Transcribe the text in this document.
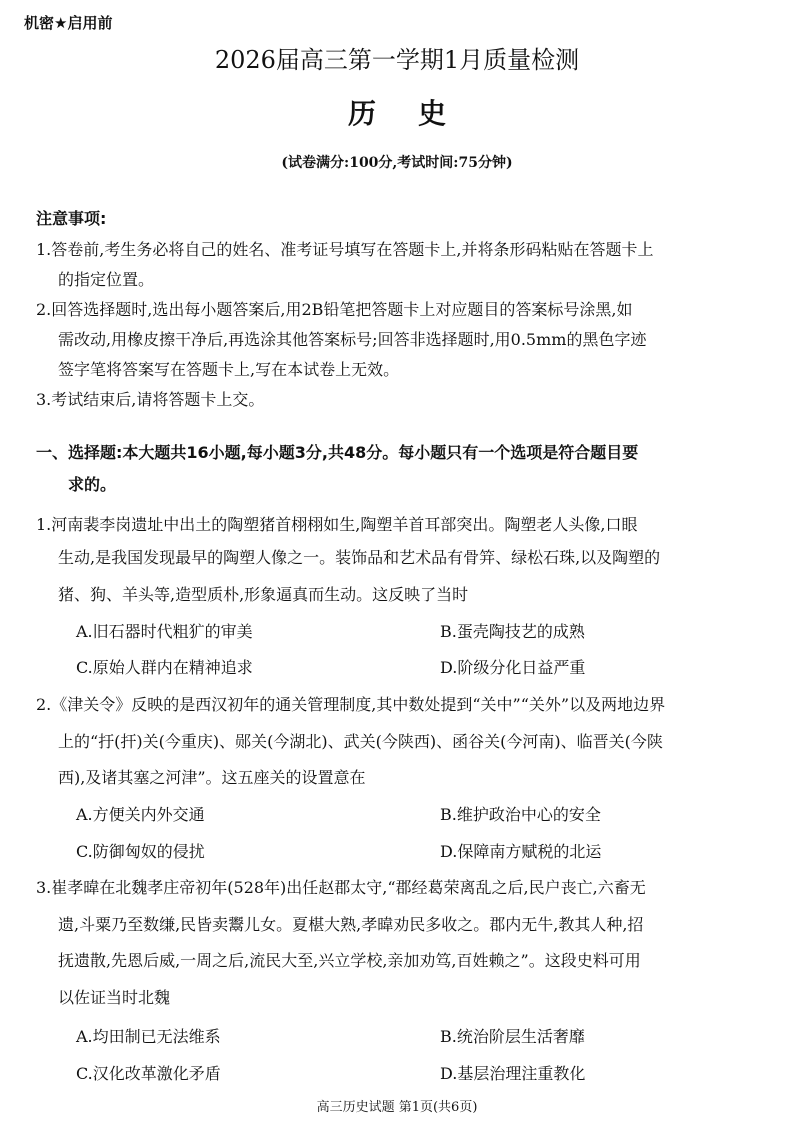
机密★启用前
2026届高三第一学期1月质量检测
历史
(试卷满分:100分,考试时间:75分钟)
注意事项:
1.答卷前,考生务必将自己的姓名、准考证号填写在答题卡上,并将条形码粘贴在答题卡上
的指定位置。
2.回答选择题时,选出每小题答案后,用2B铅笔把答题卡上对应题目的答案标号涂黑,如
需改动,用橡皮擦干净后,再选涂其他答案标号;回答非选择题时,用0.5mm的黑色字迹
签字笔将答案写在答题卡上,写在本试卷上无效。
3.考试结束后,请将答题卡上交。
一、选择题:本大题共16小题,每小题3分,共48分。每小题只有一个选项是符合题目要
求的。
1.河南裴李岗遗址中出土的陶塑猪首栩栩如生,陶塑羊首耳部突出。陶塑老人头像,口眼
生动,是我国发现最早的陶塑人像之一。装饰品和艺术品有骨笄、绿松石珠,以及陶塑的
猪、狗、羊头等,造型质朴,形象逼真而生动。这反映了当时
A.旧石器时代粗犷的审美	B.蛋壳陶技艺的成熟
C.原始人群内在精神追求	D.阶级分化日益严重
2.《津关令》反映的是西汉初年的通关管理制度,其中数处提到“关中”“关外”以及两地边界
上的“扜(扞)关(今重庆)、郧关(今湖北)、武关(今陕西)、函谷关(今河南)、临晋关(今陕
西),及诸其塞之河津”。这五座关的设置意在
A.方便关内外交通	B.维护政治中心的安全
C.防御匈奴的侵扰	D.保障南方赋税的北运
3.崔孝暐在北魏孝庄帝初年(528年)出任赵郡太守,“郡经葛荣离乱之后,民户丧亡,六畜无
遗,斗粟乃至数缣,民皆卖鬻儿女。夏椹大熟,孝暐劝民多收之。郡内无牛,教其人种,招
抚遗散,先恩后威,一周之后,流民大至,兴立学校,亲加劝笃,百姓赖之”。这段史料可用
以佐证当时北魏
A.均田制已无法维系	B.统治阶层生活奢靡
C.汉化改革激化矛盾	D.基层治理注重教化
高三历史试题 第1页(共6页)
